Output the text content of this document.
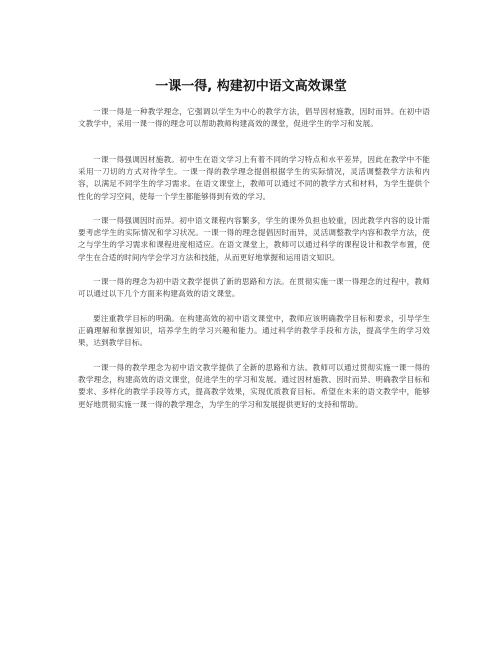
一课一得, 构建初中语文高效课堂

一课一得是一种教学理念，它强调以学生为中心的教学方法，倡导因材施教，因时而异。在初中语文教学中，采用一课一得的理念可以帮助教师构建高效的课堂，促进学生的学习和发展。

一课一得强调因材施教。初中生在语文学习上有着不同的学习特点和水平差异，因此在教学中不能采用一刀切的方式对待学生。一课一得的教学理念提倡根据学生的实际情况，灵活调整教学方法和内容，以满足不同学生的学习需求。在语文课堂上，教师可以通过不同的教学方式和材料，为学生提供个性化的学习空间，使每一个学生都能够得到有效的学习。

一课一得强调因时而异。初中语文课程内容繁多，学生的课外负担也较重，因此教学内容的设计需要考虑学生的实际情况和学习状况。一课一得的理念提倡因时而异，灵活调整教学内容和教学方法，使之与学生的学习需求和课程进度相适应。在语文课堂上，教师可以通过科学的课程设计和教学布置，使学生在合适的时间内学会学习方法和技能，从而更好地掌握和运用语文知识。

一课一得的理念为初中语文教学提供了新的思路和方法。在贯彻实施一课一得理念的过程中，教师可以通过以下几个方面来构建高效的语文课堂。

要注重教学目标的明确。在构建高效的初中语文课堂中，教师应该明确教学目标和要求，引导学生正确理解和掌握知识，培养学生的学习兴趣和能力。通过科学的教学手段和方法，提高学生的学习效果，达到教学目标。

一课一得的教学理念为初中语文教学提供了全新的思路和方法。教师可以通过贯彻实施一课一得的教学理念，构建高效的语文课堂，促进学生的学习和发展。通过因材施教、因时而异、明确教学目标和要求、多样化的教学手段等方式，提高教学效果，实现优质教育目标。希望在未来的语文教学中，能够更好地贯彻实施一课一得的教学理念，为学生的学习和发展提供更好的支持和帮助。
